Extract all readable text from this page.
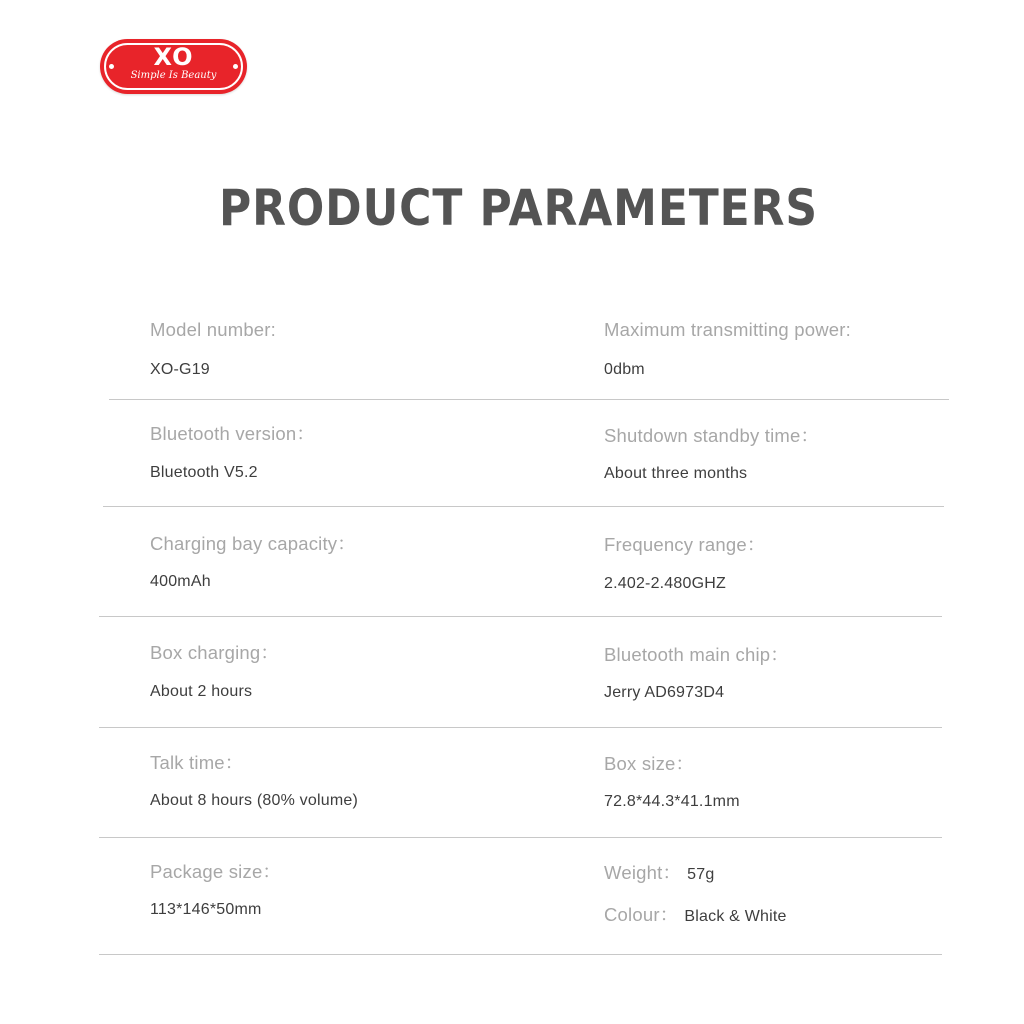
XO
Simple Is Beauty
PRODUCT PARAMETERS
Model number:
XO-G19
Maximum transmitting power:
0dbm
Bluetooth version：
Bluetooth V5.2
Shutdown standby time：
About three months
Charging bay capacity：
400mAh
Frequency range：
2.402-2.480GHZ
Box charging：
About 2 hours
Bluetooth main chip：
Jerry AD6973D4
Talk time：
About 8 hours (80% volume)
Box size：
72.8*44.3*41.1mm
Package size：
113*146*50mm
Weight： 57g
Colour： Black & White
